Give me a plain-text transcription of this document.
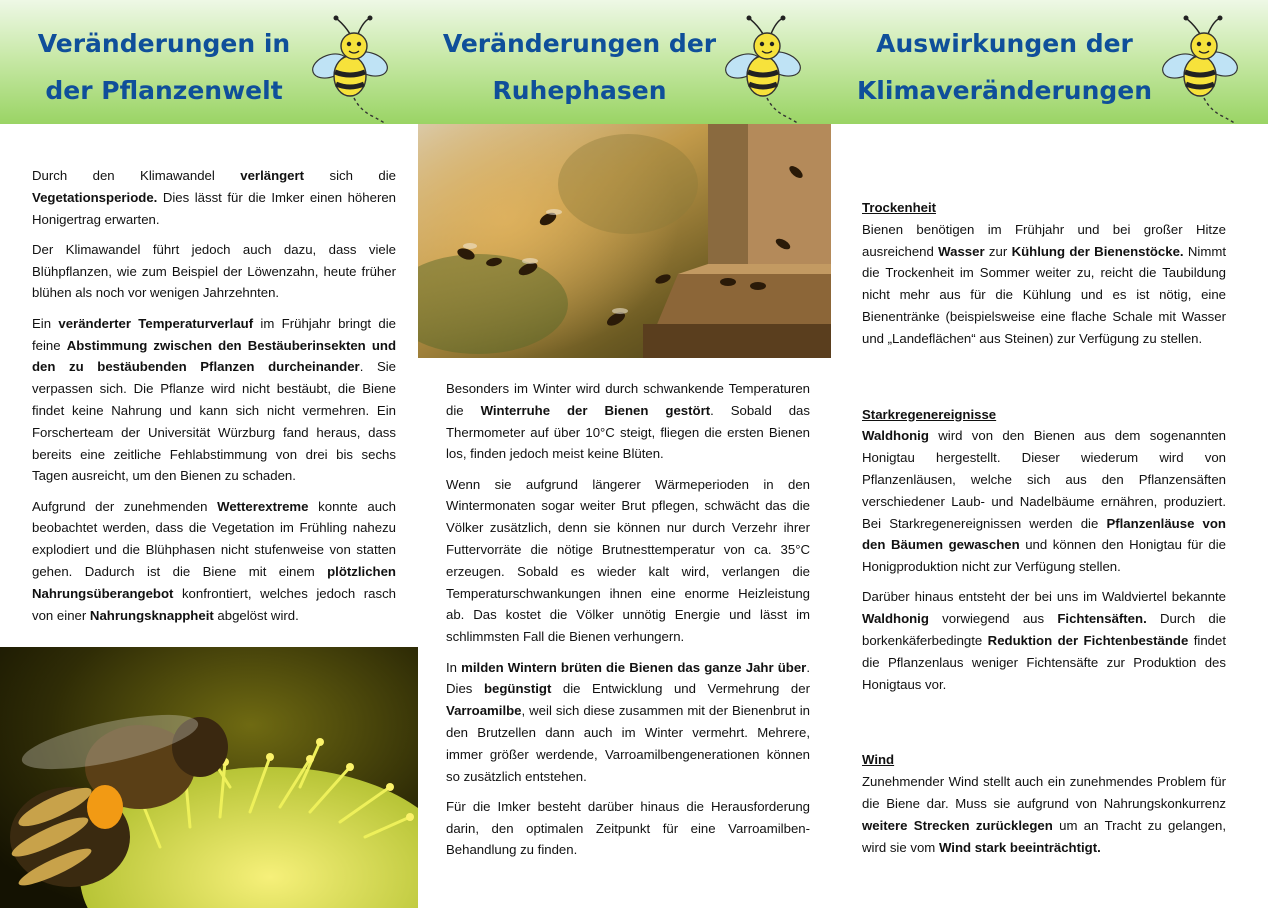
Veränderungen in
der Pflanzenwelt

Durch den Klimawandel verlängert sich die Vegetationsperiode. Dies lässt für die Imker einen höheren Honigertrag erwarten.

Der Klimawandel führt jedoch auch dazu, dass viele Blühpflanzen, wie zum Beispiel der Löwenzahn, heute früher blühen als noch vor wenigen Jahrzehnten.

Ein veränderter Temperaturverlauf im Frühjahr bringt die feine Abstimmung zwischen den Bestäuberinsekten und den zu bestäubenden Pflanzen durcheinander. Sie verpassen sich. Die Pflanze wird nicht bestäubt, die Biene findet keine Nahrung und kann sich nicht vermehren. Ein Forscherteam der Universität Würzburg fand heraus, dass bereits eine zeitliche Fehlabstimmung von drei bis sechs Tagen ausreicht, um den Bienen zu schaden.

Aufgrund der zunehmenden Wetterextreme konnte auch beobachtet werden, dass die Vegetation im Frühling nahezu explodiert und die Blühphasen nicht stufenweise von statten gehen. Dadurch ist die Biene mit einem plötzlichen Nahrungsüberangebot konfrontiert, welches jedoch rasch von einer Nahrungsknappheit abgelöst wird.

Veränderungen der
Ruhephasen

Besonders im Winter wird durch schwankende Temperaturen die Winterruhe der Bienen gestört. Sobald das Thermometer auf über 10°C steigt, fliegen die ersten Bienen los, finden jedoch meist keine Blüten.

Wenn sie aufgrund längerer Wärmeperioden in den Wintermonaten sogar weiter Brut pflegen, schwächt das die Völker zusätzlich, denn sie können nur durch Verzehr ihrer Futtervorräte die nötige Brutnesttemperatur von ca. 35°C erzeugen. Sobald es wieder kalt wird, verlangen die Temperaturschwankungen ihnen eine enorme Heizleistung ab. Das kostet die Völker unnötig Energie und lässt im schlimmsten Fall die Bienen verhungern.

In milden Wintern brüten die Bienen das ganze Jahr über. Dies begünstigt die Entwicklung und Vermehrung der Varroamilbe, weil sich diese zusammen mit der Bienenbrut in den Brutzellen dann auch im Winter vermehrt. Mehrere, immer größer werdende, Varroamilbengenerationen können so zusätzlich entstehen.

Für die Imker besteht darüber hinaus die Herausforderung darin, den optimalen Zeitpunkt für eine Varroamilben-Behandlung zu finden.

Auswirkungen der
Klimaveränderungen
Trockenheit

Bienen benötigen im Frühjahr und bei großer Hitze ausreichend Wasser zur Kühlung der Bienenstöcke. Nimmt die Trockenheit im Sommer weiter zu, reicht die Taubildung nicht mehr aus für die Kühlung und es ist nötig, eine Bienentränke (beispielsweise eine flache Schale mit Wasser und „Landeflächen“ aus Steinen) zur Verfügung zu stellen.

Starkregenereignisse

Waldhonig wird von den Bienen aus dem sogenannten Honigtau hergestellt. Dieser wiederum wird von Pflanzenläusen, welche sich aus den Pflanzensäften verschiedener Laub- und Nadelbäume ernähren, produziert. Bei Starkregenereignissen werden die Pflanzenläuse von den Bäumen gewaschen und können den Honigtau für die Honigproduktion nicht zur Verfügung stellen.

Darüber hinaus entsteht der bei uns im Waldviertel bekannte Waldhonig vorwiegend aus Fichtensäften. Durch die borkenkäferbedingte Reduktion der Fichtenbestände findet die Pflanzenlaus weniger Fichtensäfte zur Produktion des Honigtaus vor.

Wind

Zunehmender Wind stellt auch ein zunehmendes Problem für die Biene dar. Muss sie aufgrund von Nahrungskonkurrenz weitere Strecken zurücklegen um an Tracht zu gelangen, wird sie vom Wind stark beeinträchtigt.
